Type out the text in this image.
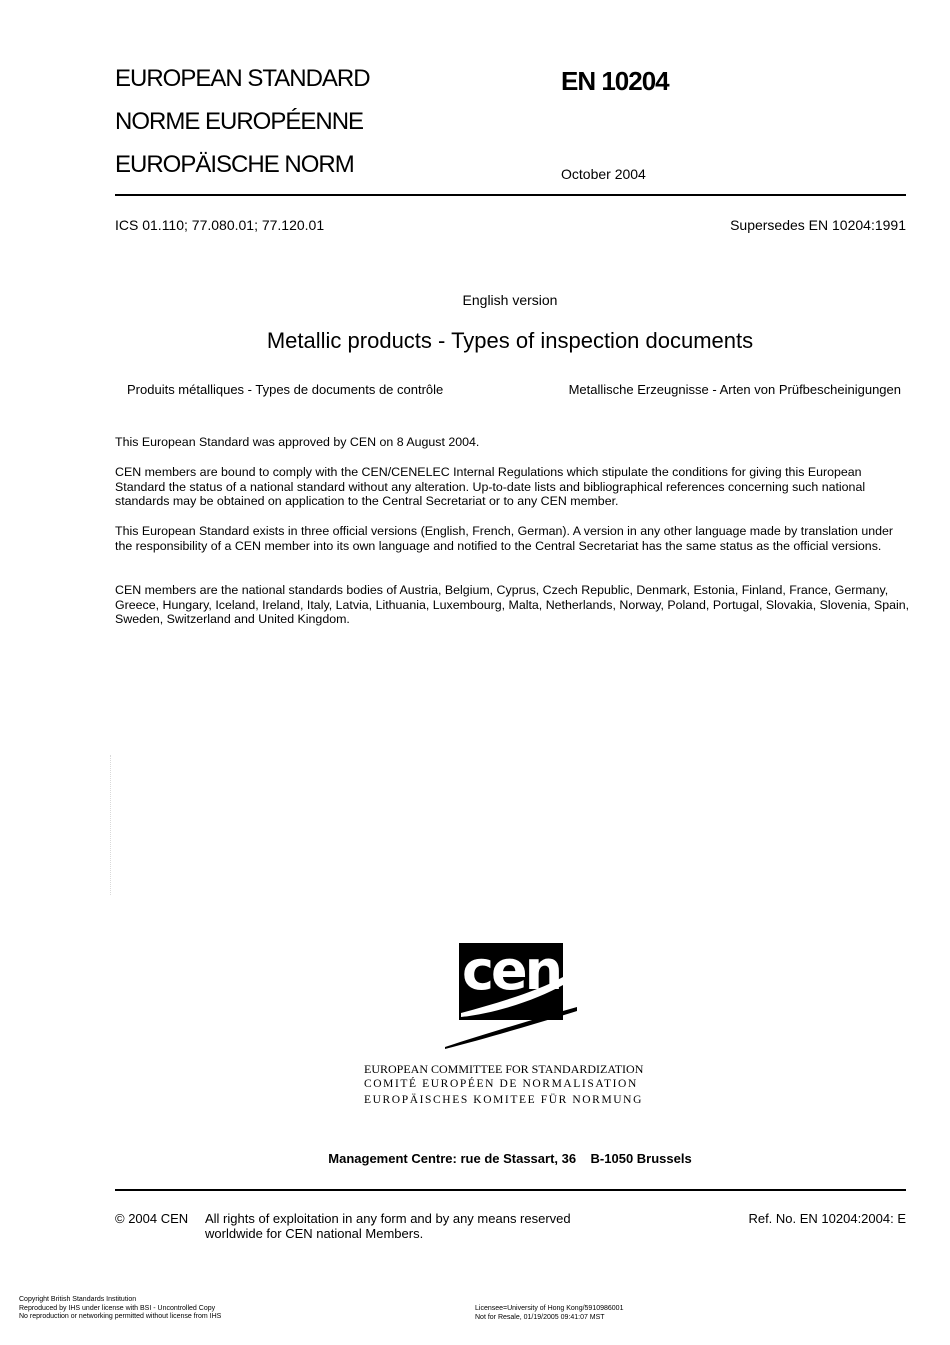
EUROPEAN STANDARD
NORME EUROPÉENNE
EUROPÄISCHE NORM
EN 10204
October 2004
ICS 01.110; 77.080.01; 77.120.01	Supersedes EN 10204:1991
English version
Metallic products - Types of inspection documents
Produits métalliques - Types de documents de contrôle	Metallische Erzeugnisse - Arten von Prüfbescheinigungen
This European Standard was approved by CEN on 8 August 2004.
CEN members are bound to comply with the CEN/CENELEC Internal Regulations which stipulate the conditions for giving this European Standard the status of a national standard without any alteration. Up-to-date lists and bibliographical references concerning such national standards may be obtained on application to the Central Secretariat or to any CEN member.
This European Standard exists in three official versions (English, French, German). A version in any other language made by translation under the responsibility of a CEN member into its own language and notified to the Central Secretariat has the same status as the official versions.
CEN members are the national standards bodies of Austria, Belgium, Cyprus, Czech Republic, Denmark, Estonia, Finland, France, Germany, Greece, Hungary, Iceland, Ireland, Italy, Latvia, Lithuania, Luxembourg, Malta, Netherlands, Norway, Poland, Portugal, Slovakia, Slovenia, Spain, Sweden, Switzerland and United Kingdom.
cen
EUROPEAN COMMITTEE FOR STANDARDIZATION
COMITÉ EUROPÉEN DE NORMALISATION
EUROPÄISCHES KOMITEE FÜR NORMUNG
Management Centre: rue de Stassart, 36    B-1050 Brussels
© 2004 CEN All rights of exploitation in any form and by any means reserved
worldwide for CEN national Members.
Ref. No. EN 10204:2004: E
Copyright British Standards Institution
Reproduced by IHS under license with BSI - Uncontrolled Copy
No reproduction or networking permitted without license from IHS
Licensee=University of Hong Kong/5910986001
Not for Resale, 01/19/2005 09:41:07 MST
